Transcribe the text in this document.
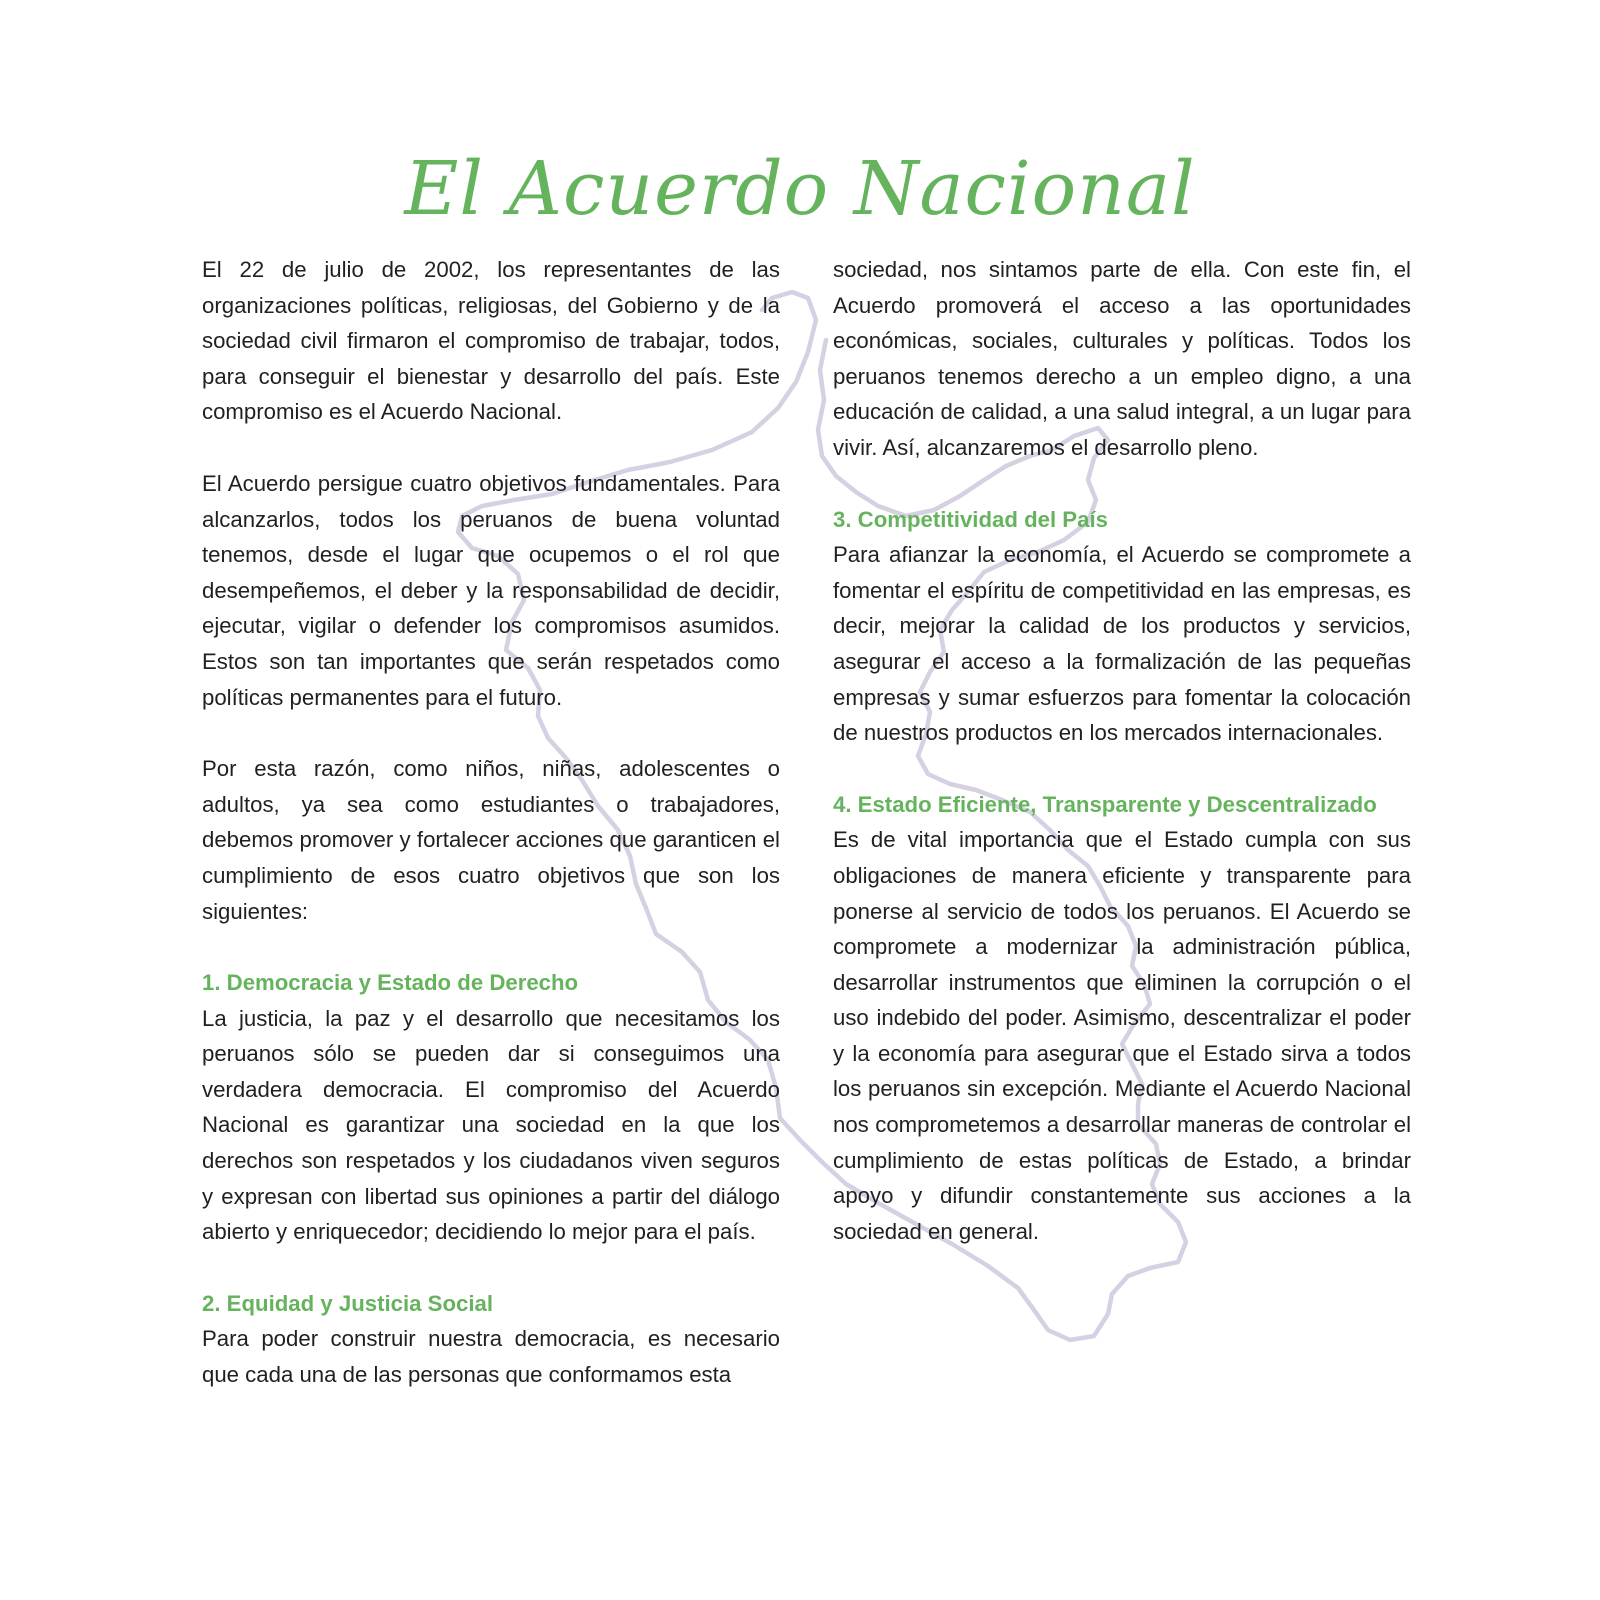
El Acuerdo Nacional

El 22 de julio de 2002, los representantes de las organizaciones políticas, religiosas, del Gobierno y de la sociedad civil firmaron el compromiso de trabajar, todos, para conseguir el bienestar y desarrollo del país. Este compromiso es el Acuerdo Nacional.

El Acuerdo persigue cuatro objetivos fundamentales. Para alcanzarlos, todos los peruanos de buena voluntad tenemos, desde el lugar que ocupemos o el rol que desempeñemos, el deber y la responsabilidad de decidir, ejecutar, vigilar o defender los compromisos asumidos. Estos son tan importantes que serán respetados como políticas permanentes para el futuro.

Por esta razón, como niños, niñas, adolescentes o adultos, ya sea como estudiantes o trabajadores, debemos promover y fortalecer acciones que garanticen el cumplimiento de esos cuatro objetivos que son los siguientes:

1. Democracia y Estado de Derecho

La justicia, la paz y el desarrollo que necesitamos los peruanos sólo se pueden dar si conseguimos una verdadera democracia. El compromiso del Acuerdo Nacional es garantizar una sociedad en la que los derechos son respetados y los ciudadanos viven seguros y expresan con libertad sus opiniones a partir del diálogo abierto y enriquecedor; decidiendo lo mejor para el país.

2. Equidad y Justicia Social

Para poder construir nuestra democracia, es necesario que cada una de las personas que conformamos esta

sociedad, nos sintamos parte de ella. Con este fin, el Acuerdo promoverá el acceso a las oportunidades económicas, sociales, culturales y políticas. Todos los peruanos tenemos derecho a un empleo digno, a una educación de calidad, a una salud integral, a un lugar para vivir. Así, alcanzaremos el desarrollo pleno.

3. Competitividad del País

Para afianzar la economía, el Acuerdo se compromete a fomentar el espíritu de competitividad en las empresas, es decir, mejorar la calidad de los productos y servicios, asegurar el acceso a la formalización de las pequeñas empresas y sumar esfuerzos para fomentar la colocación de nuestros productos en los mercados internacionales.

4. Estado Eficiente, Transparente y Descentralizado

Es de vital importancia que el Estado cumpla con sus obligaciones de manera eficiente y transparente para ponerse al servicio de todos los peruanos. El Acuerdo se compromete a modernizar la administración pública, desarrollar instrumentos que eliminen la corrupción o el uso indebido del poder. Asimismo, descentralizar el poder y la economía para asegurar que el Estado sirva a todos los peruanos sin excepción. Mediante el Acuerdo Nacional nos comprometemos a desarrollar maneras de controlar el cumplimiento de estas políticas de Estado, a brindar apoyo y difundir constantemente sus acciones a la sociedad en general.
